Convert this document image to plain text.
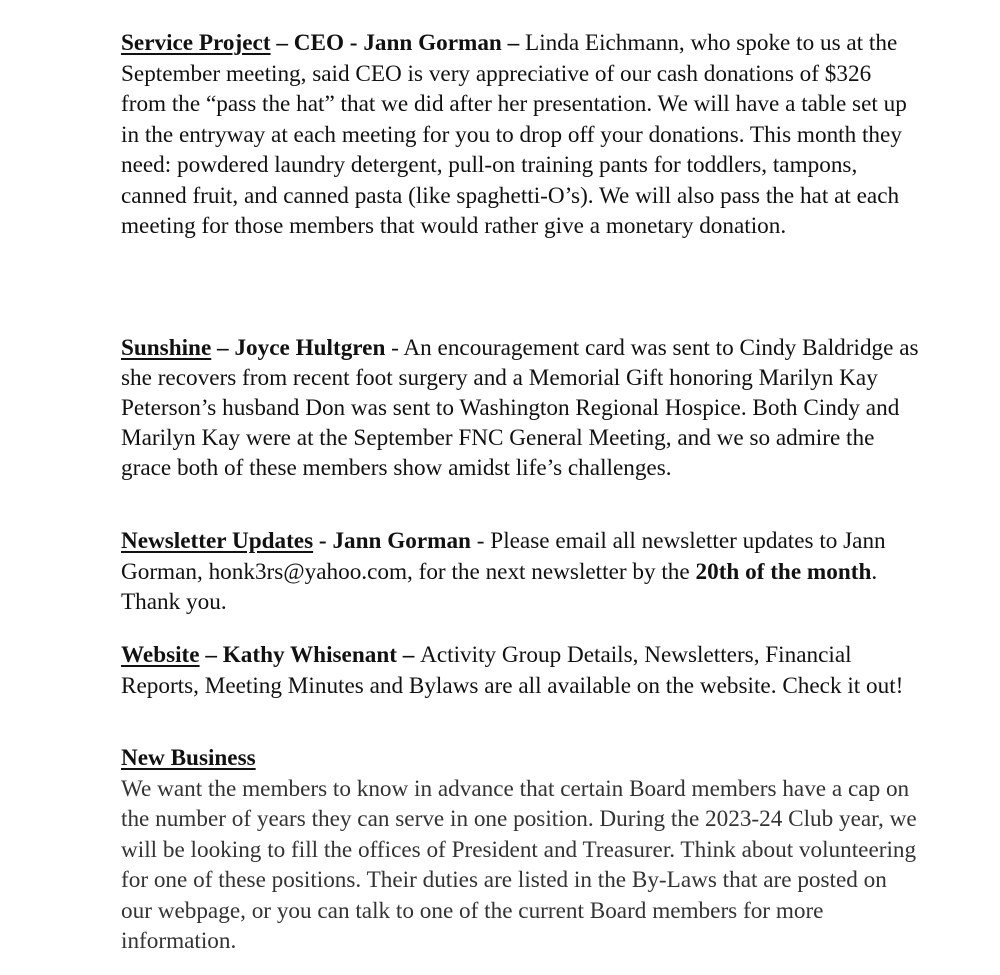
Service Project – CEO - Jann Gorman – Linda Eichmann, who spoke to us at the September meeting, said CEO is very appreciative of our cash donations of $326 from the “pass the hat” that we did after her presentation. We will have a table set up in the entryway at each meeting for you to drop off your donations. This month they need: powdered laundry detergent, pull-on training pants for toddlers, tampons, canned fruit, and canned pasta (like spaghetti-O’s). We will also pass the hat at each meeting for those members that would rather give a monetary donation.

Sunshine – Joyce Hultgren - An encouragement card was sent to Cindy Baldridge as she recovers from recent foot surgery and a Memorial Gift honoring Marilyn Kay Peterson’s husband Don was sent to Washington Regional Hospice. Both Cindy and Marilyn Kay were at the September FNC General Meeting, and we so admire the grace both of these members show amidst life’s challenges.

Newsletter Updates - Jann Gorman - Please email all newsletter updates to Jann Gorman, honk3rs@yahoo.com, for the next newsletter by the 20th of the month. Thank you.

Website – Kathy Whisenant – Activity Group Details, Newsletters, Financial Reports, Meeting Minutes and Bylaws are all available on the website. Check it out!

New Business

We want the members to know in advance that certain Board members have a cap on the number of years they can serve in one position. During the 2023-24 Club year, we will be looking to fill the offices of President and Treasurer. Think about volunteering for one of these positions. Their duties are listed in the By-Laws that are posted on our webpage, or you can talk to one of the current Board members for more information.
